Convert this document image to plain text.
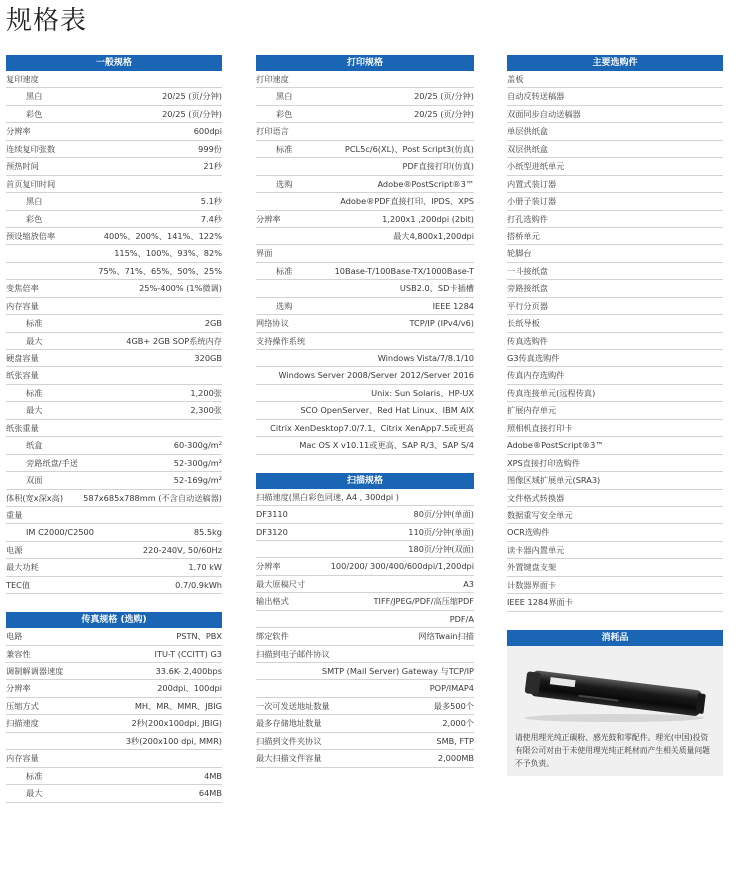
规格表
一般规格
复印速度
黑白	20/25 (页/分钟)
彩色	20/25 (页/分钟)
分辨率	600dpi
连续复印张数	999份
预热时间	21秒
首页复印时间
黑白	5.1秒
彩色	7.4秒
预设缩放倍率	400%、200%、141%、122%
115%、100%、93%、82%
75%、71%、65%、50%、25%
变焦倍率	25%-400% (1%微调)
内存容量
标准	2GB
最大	4GB+ 2GB SOP系统内存
硬盘容量	320GB
纸张容量
标准	1,200张
最大	2,300张
纸张重量
纸盒	60-300g/m²
旁路纸盘/手送	52-300g/m²
双面	52-169g/m²
体积(宽x深x高) 587x685x788mm (不含自动送稿器)
重量
IM C2000/C2500	85.5kg
电源	220-240V, 50/60Hz
最大功耗	1.70 kW
TEC值	0.7/0.9kWh
传真规格 (选购)
电路	PSTN、PBX
兼容性	ITU-T (CCITT) G3
调制解调器速度	33.6K- 2,400bps
分辨率	200dpi、100dpi
压缩方式	MH、MR、MMR、JBIG
扫描速度	2秒(200x100dpi, JBIG)
3秒(200x100 dpi, MMR)
内存容量
标准	4MB
最大	64MB
打印规格
打印速度
黑白	20/25 (页/分钟)
彩色	20/25 (页/分钟)
打印语言
标准	PCL5c/6(XL)、Post Script3(仿真)
PDF直接打印(仿真)
选购	Adobe®PostScript®3™
Adobe®PDF直接打印、IPDS、XPS
分辨率	1,200x1 ,200dpi (2bit)
最大4,800x1,200dpi
界面
标准	10Base-T/100Base-TX/1000Base-T
USB2.0、SD卡插槽
选购	IEEE 1284
网络协议	TCP/IP (IPv4/v6)
支持操作系统
Windows Vista/7/8.1/10
Windows Server 2008/Server 2012/Server 2016
Unix: Sun Solaris、HP-UX
SCO OpenServer、Red Hat Linux、IBM AIX
Citrix XenDesktop7.0/7.1、Citrix XenApp7.5或更高
Mac OS X v10.11或更高、SAP R/3、SAP S/4
扫描规格
扫描速度(黑白彩色同速, A4 , 300dpi )
DF3110	80页/分钟(单面)
DF3120	110页/分钟(单面)
180页/分钟(双面)
分辨率	100/200/ 300/400/600dpi/1,200dpi
最大原稿尺寸	A3
输出格式	TIFF/JPEG/PDF/高压缩PDF
PDF/A
绑定软件	网络Twain扫描
扫描到电子邮件协议
SMTP (Mail Server) Gateway 与TCP/IP
POP/IMAP4
一次可发送地址数量	最多500个
最多存储地址数量	2,000个
扫描到文件夹协议	SMB, FTP
最大扫描文件容量	2,000MB
主要选购件
盖板
自动反转送稿器
双面同步自动送稿器
单层供纸盒
双层供纸盒
小纸型进纸单元
内置式装订器
小册子装订器
打孔选购件
搭桥单元
轮脚台
一斗接纸盘
旁路接纸盘
平行分页器
长纸导板
传真选购件
G3传真选购件
传真内存选购件
传真连接单元(远程传真)
扩展内存单元
照相机直接打印卡
Adobe®PostScript®3™
XPS直接打印选购件
图像区域扩展单元(SRA3)
文件格式转换器
数据重写安全单元
OCR选购件
读卡器内置单元
外置键盘支架
计数器界面卡
IEEE 1284界面卡
消耗品
请使用理光纯正碳粉、感光鼓和零配件。理光(中国)投资有限公司对由于未使用理光纯正耗材而产生相关质量问题不予负责。
